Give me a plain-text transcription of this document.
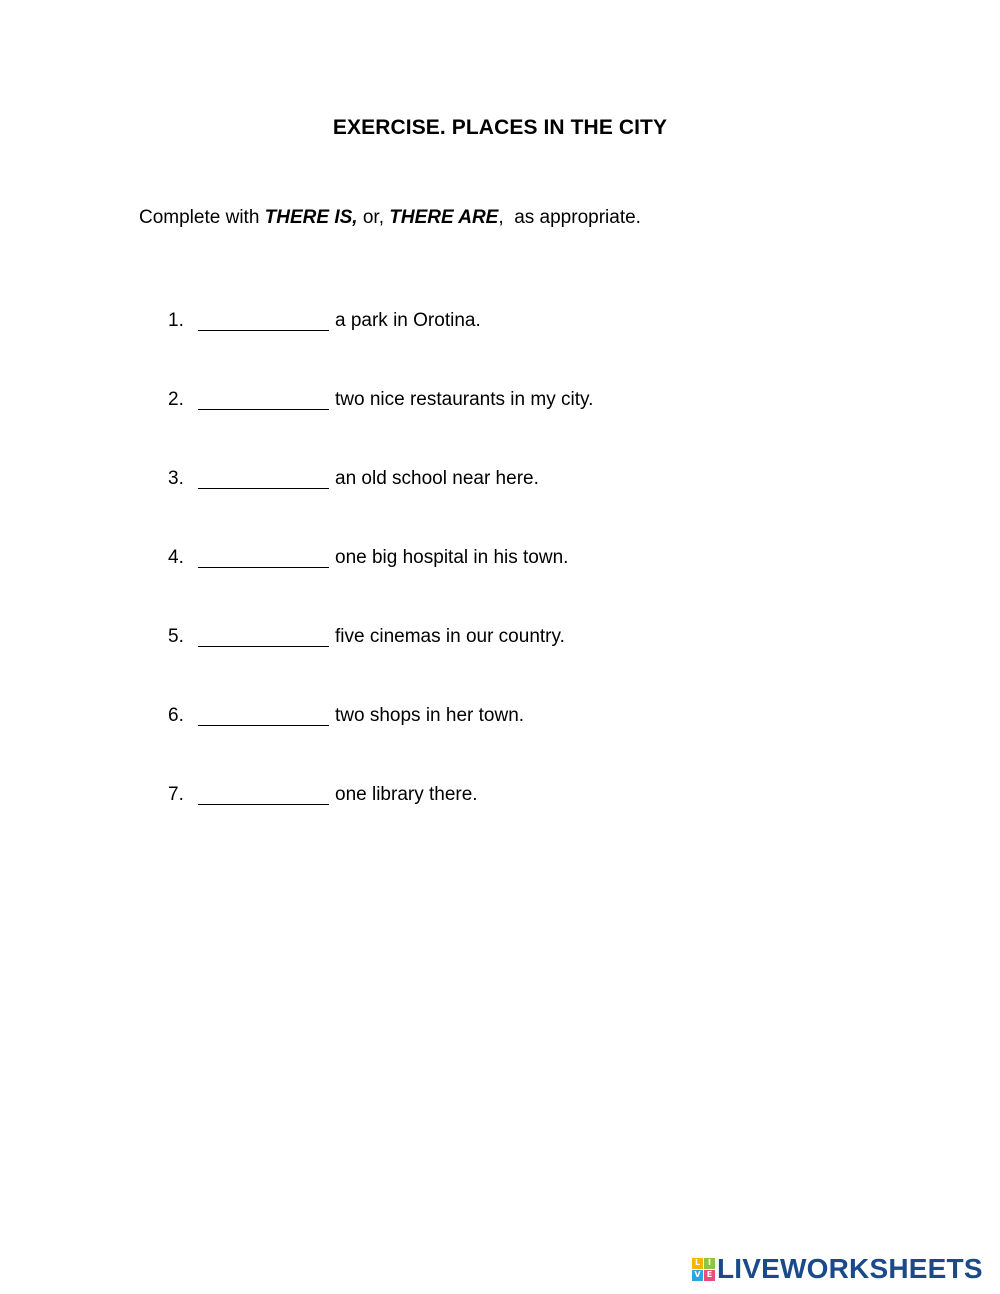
EXERCISE. PLACES IN THE CITY
Complete with THERE IS, or, THERE ARE,  as appropriate.
1.	a park in Orotina.
2.	two nice restaurants in my city.
3.	an old school near here.
4.	one big hospital in his town.
5.	five cinemas in our country.
6.	two shops in her town.
7.	one library there.
L I
V E LIVEWORKSHEETS
